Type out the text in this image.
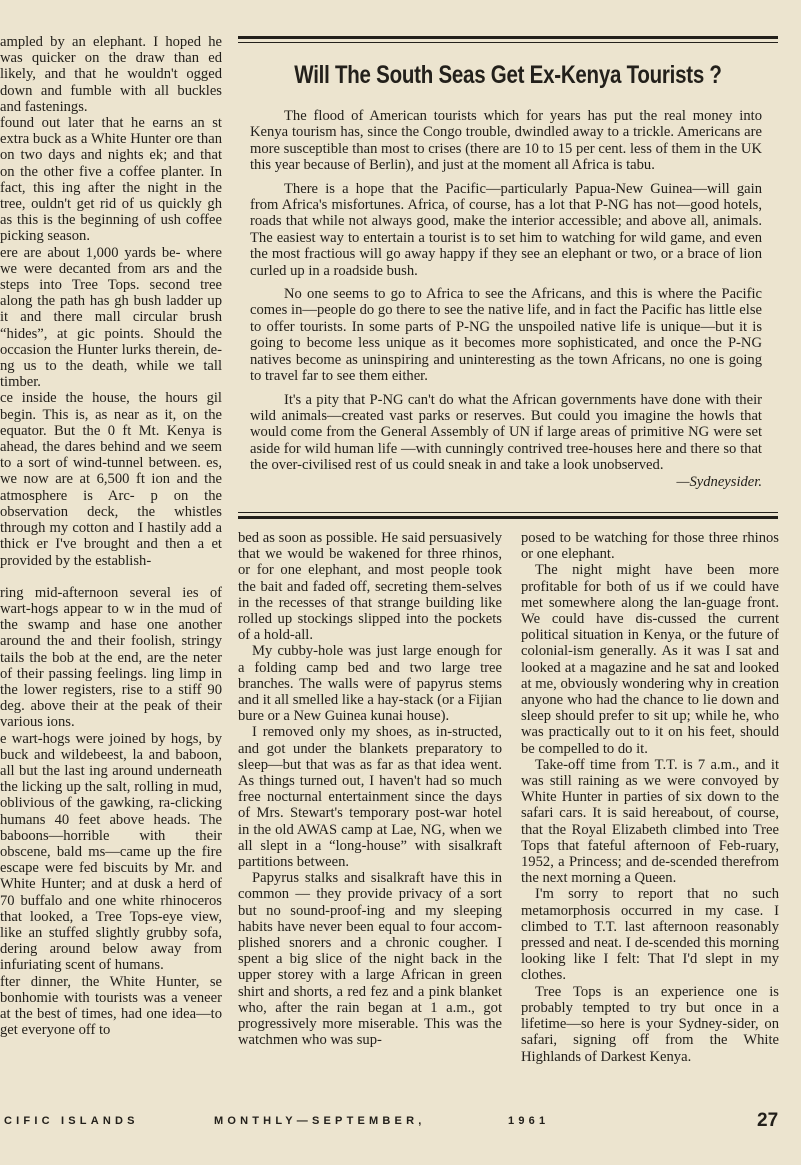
ampled by an elephant. I hoped he was quicker on the draw than ed likely, and that he wouldn't ogged down and fumble with all buckles and fastenings.

found out later that he earns an st extra buck as a White Hunter ore than on two days and nights ek; and that on the other five a coffee planter. In fact, this ing after the night in the tree, ouldn't get rid of us quickly gh as this is the beginning of ush coffee picking season.

ere are about 1,000 yards be- where we were decanted from ars and the steps into Tree Tops. second tree along the path has gh bush ladder up it and there mall circular brush “hides”, at gic points. Should the occasion the Hunter lurks therein, de- ng us to the death, while we tall timber.

ce inside the house, the hours gil begin. This is, as near as it, on the equator. But the 0 ft Mt. Kenya is ahead, the dares behind and we seem to a sort of wind-tunnel between. es, we now are at 6,500 ft ion and the atmosphere is Arc- p on the observation deck, the whistles through my cotton and I hastily add a thick er I've brought and then a et provided by the establish-

ring mid-afternoon several ies of wart-hogs appear to w in the mud of the swamp and hase one another around the and their foolish, stringy tails the bob at the end, are the neter of their passing feelings. ling limp in the lower registers, rise to a stiff 90 deg. above their at the peak of their various ions.

e wart-hogs were joined by hogs, by buck and wildebeest, la and baboon, all but the last ing around underneath the licking up the salt, rolling in mud, oblivious of the gawking, ra-clicking humans 40 feet above heads. The baboons—horrible with their obscene, bald ms—came up the fire escape were fed biscuits by Mr. and White Hunter; and at dusk a herd of 70 buffalo and one white rhinoceros that looked, a Tree Tops-eye view, like an stuffed slightly grubby sofa, dering around below away from infuriating scent of humans.

fter dinner, the White Hunter, se bonhomie with tourists was a veneer at the best of times, had one idea—to get everyone off to

Will The South Seas Get Ex-Kenya Tourists ?

The flood of American tourists which for years has put the real money into Kenya tourism has, since the Congo trouble, dwindled away to a trickle. Americans are more susceptible than most to crises (there are 10 to 15 per cent. less of them in the UK this year because of Berlin), and just at the moment all Africa is tabu.

There is a hope that the Pacific—particularly Papua-New Guinea—will gain from Africa's misfortunes. Africa, of course, has a lot that P-NG has not—good hotels, roads that while not always good, make the interior accessible; and above all, animals. The easiest way to entertain a tourist is to set him to watching for wild game, and even the most fractious will go away happy if they see an elephant or two, or a brace of lion curled up in a roadside bush.

No one seems to go to Africa to see the Africans, and this is where the Pacific comes in—people do go there to see the native life, and in fact the Pacific has little else to offer tourists. In some parts of P-NG the unspoiled native life is unique—but it is going to become less unique as it becomes more sophisticated, and once the P-NG natives become as uninspiring and uninteresting as the town Africans, no one is going to travel far to see them either.

It's a pity that P-NG can't do what the African governments have done with their wild animals—created vast parks or reserves. But could you imagine the howls that would come from the General Assembly of UN if large areas of primitive NG were set aside for wild human life —with cunningly contrived tree-houses here and there so that the over-civilised rest of us could sneak in and take a look unobserved.

—Sydneysider.

bed as soon as possible. He said persuasively that we would be wakened for three rhinos, or for one elephant, and most people took the bait and faded off, secreting them-selves in the recesses of that strange building like rolled up stockings slipped into the pockets of a hold-all.

My cubby-hole was just large enough for a folding camp bed and two large tree branches. The walls were of papyrus stems and it all smelled like a hay-stack (or a Fijian bure or a New Guinea kunai house).

I removed only my shoes, as in-structed, and got under the blankets preparatory to sleep—but that was as far as that idea went. As things turned out, I haven't had so much free nocturnal entertainment since the days of Mrs. Stewart's temporary post-war hotel in the old AWAS camp at Lae, NG, when we all slept in a “long-house” with sisalkraft partitions between.

Papyrus stalks and sisalkraft have this in common — they provide privacy of a sort but no sound-proof-ing and my sleeping habits have never been equal to four accom-plished snorers and a chronic cougher. I spent a big slice of the night back in the upper storey with a large African in green shirt and shorts, a red fez and a pink blanket who, after the rain began at 1 a.m., got progressively more miserable. This was the watchmen who was sup-

posed to be watching for those three rhinos or one elephant.

The night might have been more profitable for both of us if we could have met somewhere along the lan-guage front. We could have dis-cussed the current political situation in Kenya, or the future of colonial-ism generally. As it was I sat and looked at a magazine and he sat and looked at me, obviously wondering why in creation anyone who had the chance to lie down and sleep should prefer to sit up; while he, who was practically out to it on his feet, should be compelled to do it.

Take-off time from T.T. is 7 a.m., and it was still raining as we were convoyed by White Hunter in parties of six down to the safari cars. It is said hereabout, of course, that the Royal Elizabeth climbed into Tree Tops that fateful afternoon of Feb-ruary, 1952, a Princess; and de-scended therefrom the next morning a Queen.

I'm sorry to report that no such metamorphosis occurred in my case. I climbed to T.T. last afternoon reasonably pressed and neat. I de-scended this morning looking like I felt: That I'd slept in my clothes.

Tree Tops is an experience one is probably tempted to try but once in a lifetime—so here is your Sydney-sider, on safari, signing off from the White Highlands of Darkest Kenya.

CIFIC ISLANDS	MONTHLY—SEPTEMBER,	1961	27
